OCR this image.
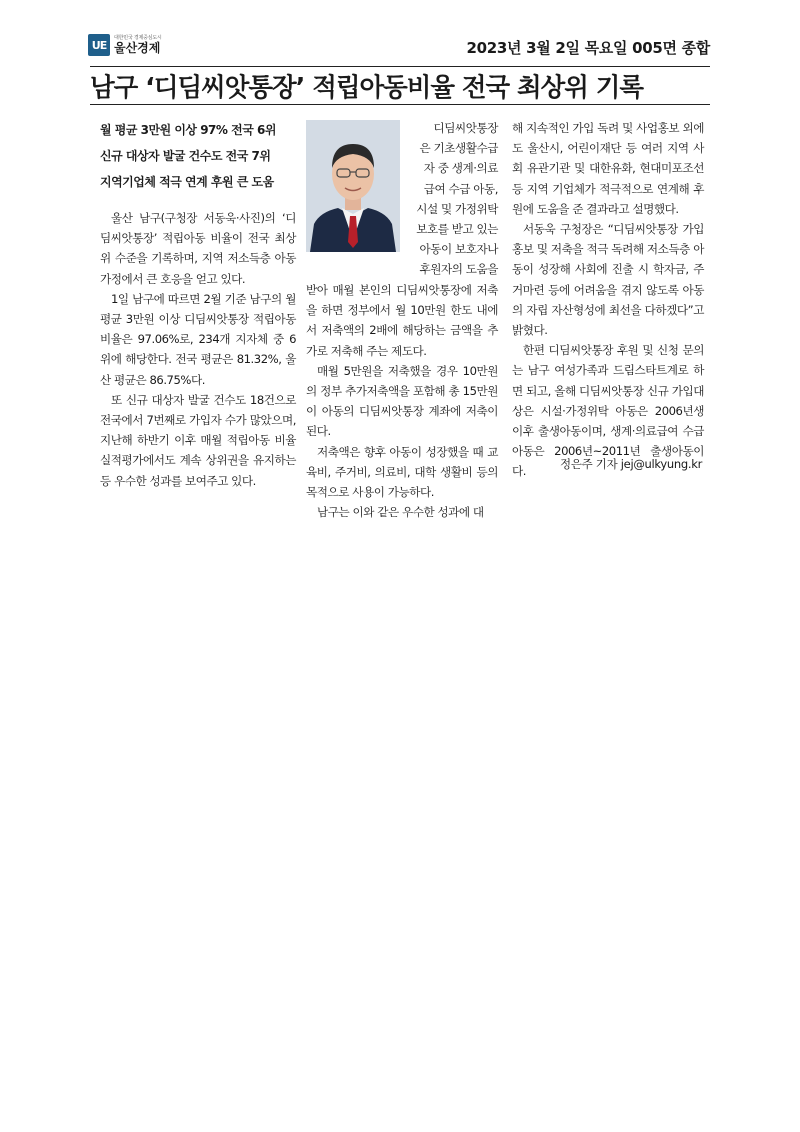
UE
대한민국 경제중심도시
울산경제	2023년 3월 2일 목요일 005면 종합
남구 ‘디딤씨앗통장’ 적립아동비율 전국 최상위 기록
월 평균 3만원 이상 97% 전국 6위
신규 대상자 발굴 건수도 전국 7위
지역기업체 적극 연계 후원 큰 도움

울산 남구(구청장 서동욱·사진)의 ‘디딤씨앗통장’ 적립아동 비율이 전국 최상위 수준을 기록하며, 지역 저소득층 아동가정에서 큰 호응을 얻고 있다.

1일 남구에 따르면 2월 기준 남구의 월 평균 3만원 이상 디딤씨앗통장 적립아동 비율은 97.06%로, 234개 지자체 중 6위에 해당한다. 전국 평균은 81.32%, 울산 평균은 86.75%다.

또 신규 대상자 발굴 건수도 18건으로 전국에서 7번째로 가입자 수가 많았으며, 지난해 하반기 이후 매월 적립아동 비율 실적평가에서도 계속 상위권을 유지하는 등 우수한 성과를 보여주고 있다.

디딤씨앗통장
은 기초생활수급
자 중 생계·의료
급여 수급 아동,
시설 및 가정위탁
보호를 받고 있는
아동이 보호자나
후원자의 도움을

받아 매월 본인의 디딤씨앗통장에 저축을 하면 정부에서 월 10만원 한도 내에서 저축액의 2배에 해당하는 금액을 추가로 저축해 주는 제도다.

매월 5만원을 저축했을 경우 10만원의 정부 추가저축액을 포함해 총 15만원이 아동의 디딤씨앗통장 계좌에 저축이 된다.

저축액은 향후 아동이 성장했을 때 교육비, 주거비, 의료비, 대학 생활비 등의 목적으로 사용이 가능하다.

남구는 이와 같은 우수한 성과에 대

해 지속적인 가입 독려 및 사업홍보 외에도 울산시, 어린이재단 등 여러 지역 사회 유관기관 및 대한유화, 현대미포조선 등 지역 기업체가 적극적으로 연계해 후원에 도움을 준 결과라고 설명했다.

서동욱 구청장은 “디딤씨앗통장 가입 홍보 및 저축을 적극 독려해 저소득층 아동이 성장해 사회에 진출 시 학자금, 주거마련 등에 어려움을 겪지 않도록 아동의 자립 자산형성에 최선을 다하겠다”고 밝혔다.

한편 디딤씨앗통장 후원 및 신청 문의는 남구 여성가족과 드림스타트계로 하면 되고, 올해 디딤씨앗통장 신규 가입대상은 시설·가정위탁 아동은 2006년생 이후 출생아동이며, 생계·의료급여 수급아동은 2006년~2011년 출생아동이다.

정은주 기자 jej@ulkyung.kr
